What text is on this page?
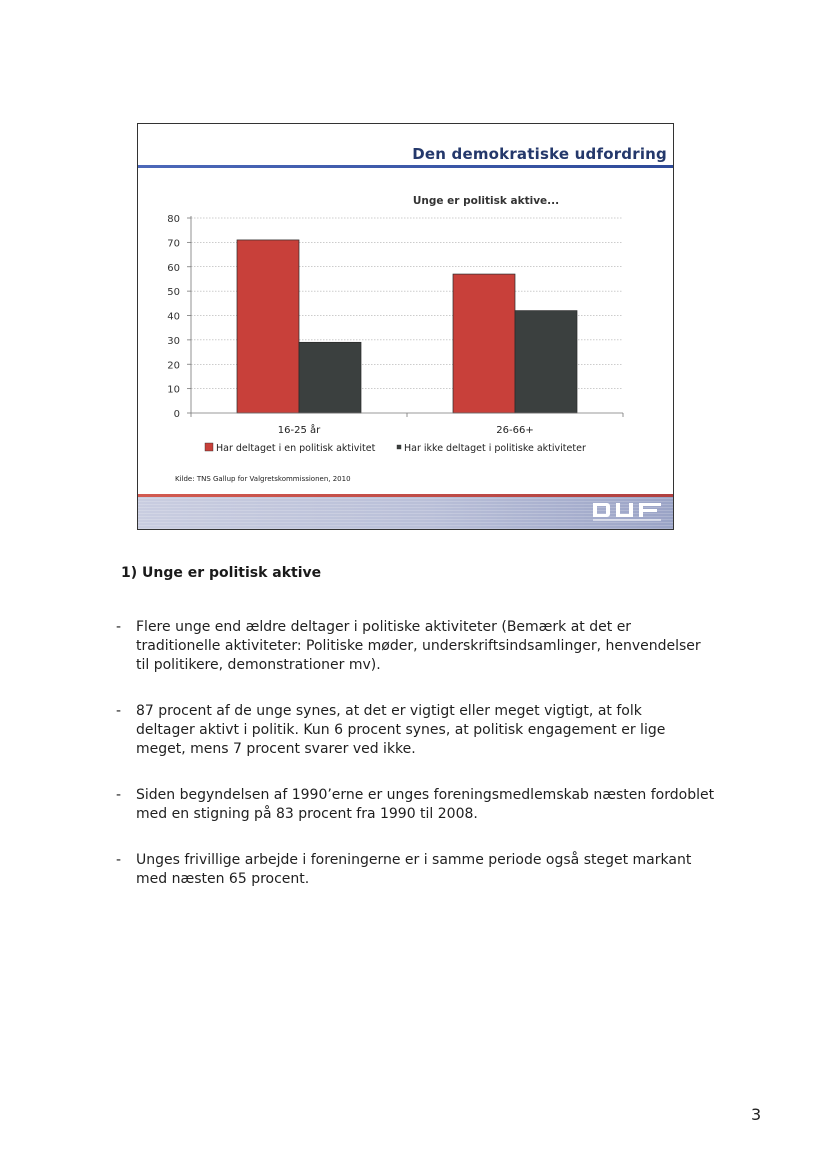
Den demokratiske udfordring
Unge er politisk aktive...
0
10
20
30
40
50
60
70
80
16-25 år	26-66+
Har deltaget i en politisk aktivitet	Har ikke deltaget i politiske aktiviteter
Kilde: TNS Gallup for Valgretskommissionen, 2010
1) Unge er politisk aktive
- Flere unge end ældre deltager i politiske aktiviteter (Bemærk at det er traditionelle aktiviteter: Politiske møder, underskriftsindsamlinger, henvendelser til politikere, demonstrationer mv).
- 87 procent af de unge synes, at det er vigtigt eller meget vigtigt, at folk deltager aktivt i politik. Kun 6 procent synes, at politisk engagement er lige meget, mens 7 procent svarer ved ikke.
- Siden begyndelsen af 1990’erne er unges foreningsmedlemskab næsten fordoblet med en stigning på 83 procent fra 1990 til 2008.
- Unges frivillige arbejde i foreningerne er i samme periode også steget markant med næsten 65 procent.
3
